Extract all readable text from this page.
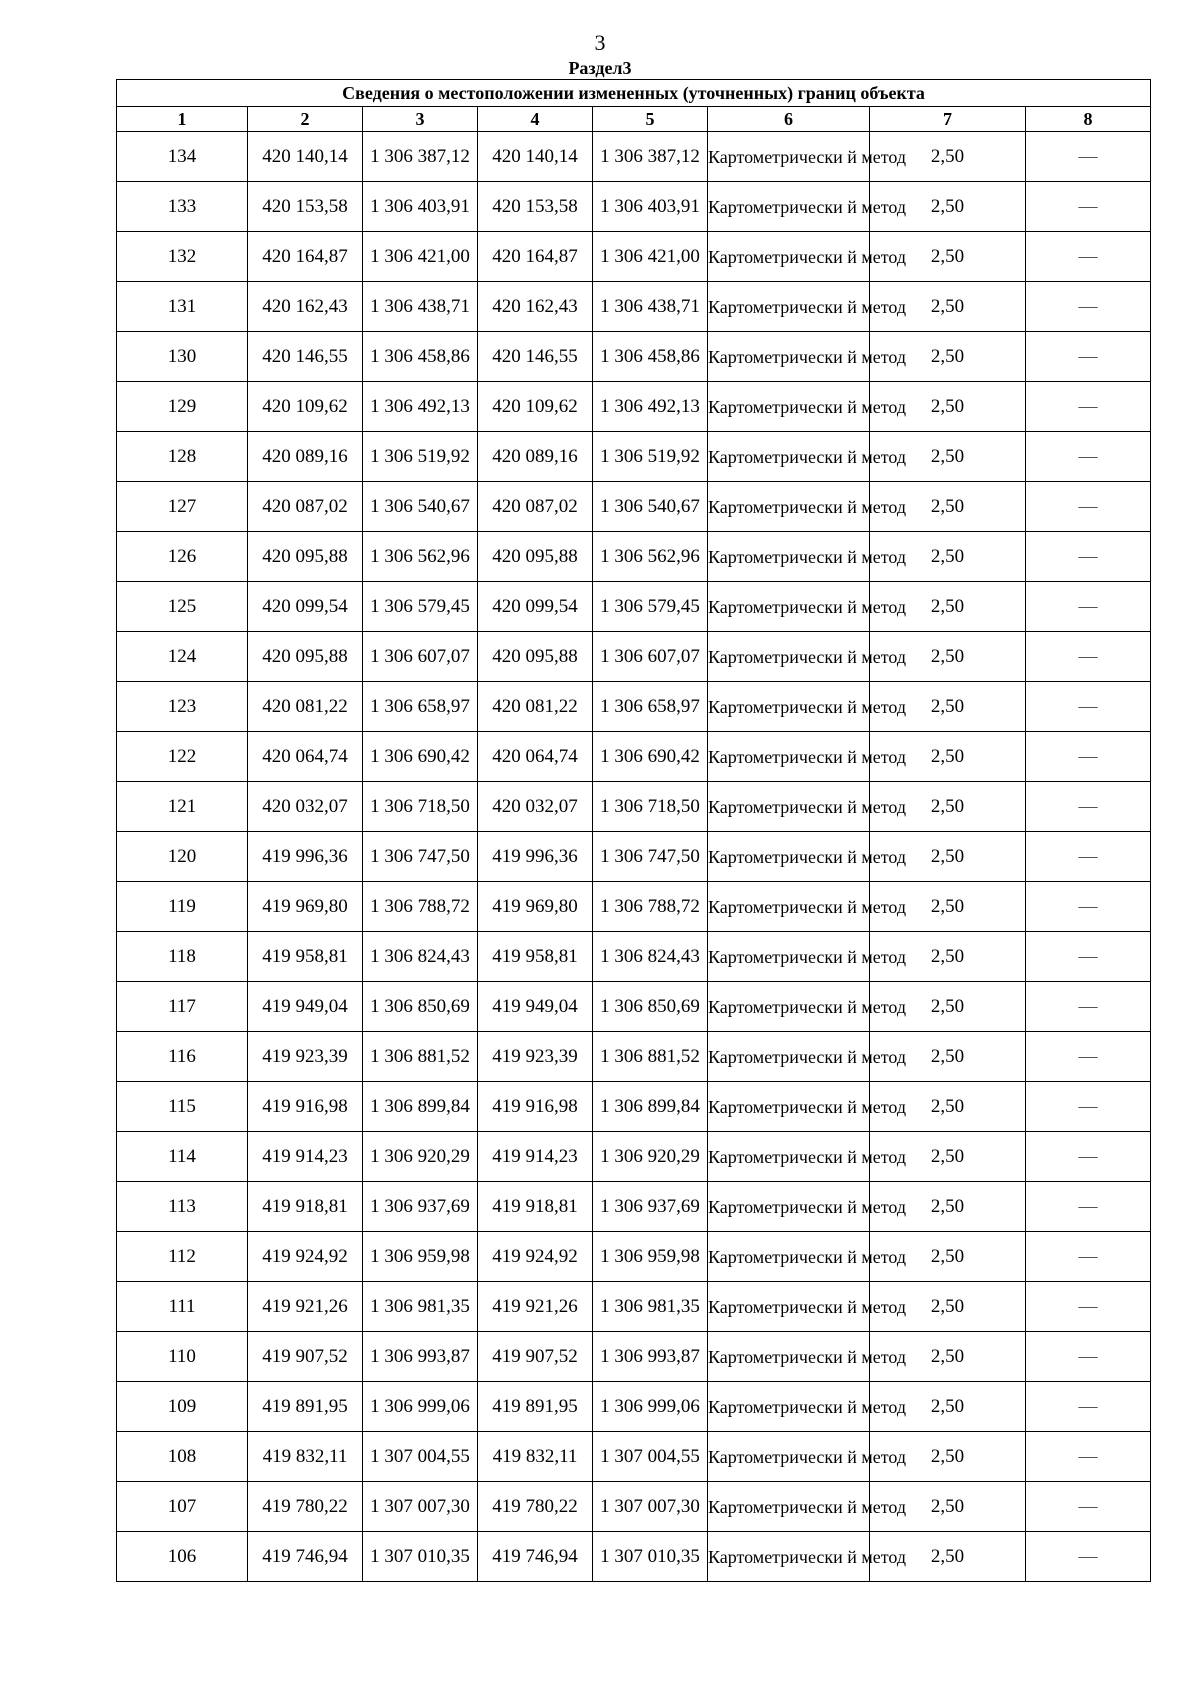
3
Раздел3
Сведения о местоположении измененных (уточненных) границ объекта							
1	2	3	4	5	6	7	8
134	420 140,14	1 306 387,12	420 140,14	1 306 387,12	Картометрически й метод	2,50	—
133	420 153,58	1 306 403,91	420 153,58	1 306 403,91	Картометрически й метод	2,50	—
132	420 164,87	1 306 421,00	420 164,87	1 306 421,00	Картометрически й метод	2,50	—
131	420 162,43	1 306 438,71	420 162,43	1 306 438,71	Картометрически й метод	2,50	—
130	420 146,55	1 306 458,86	420 146,55	1 306 458,86	Картометрически й метод	2,50	—
129	420 109,62	1 306 492,13	420 109,62	1 306 492,13	Картометрически й метод	2,50	—
128	420 089,16	1 306 519,92	420 089,16	1 306 519,92	Картометрически й метод	2,50	—
127	420 087,02	1 306 540,67	420 087,02	1 306 540,67	Картометрически й метод	2,50	—
126	420 095,88	1 306 562,96	420 095,88	1 306 562,96	Картометрически й метод	2,50	—
125	420 099,54	1 306 579,45	420 099,54	1 306 579,45	Картометрически й метод	2,50	—
124	420 095,88	1 306 607,07	420 095,88	1 306 607,07	Картометрически й метод	2,50	—
123	420 081,22	1 306 658,97	420 081,22	1 306 658,97	Картометрически й метод	2,50	—
122	420 064,74	1 306 690,42	420 064,74	1 306 690,42	Картометрически й метод	2,50	—
121	420 032,07	1 306 718,50	420 032,07	1 306 718,50	Картометрически й метод	2,50	—
120	419 996,36	1 306 747,50	419 996,36	1 306 747,50	Картометрически й метод	2,50	—
119	419 969,80	1 306 788,72	419 969,80	1 306 788,72	Картометрически й метод	2,50	—
118	419 958,81	1 306 824,43	419 958,81	1 306 824,43	Картометрически й метод	2,50	—
117	419 949,04	1 306 850,69	419 949,04	1 306 850,69	Картометрически й метод	2,50	—
116	419 923,39	1 306 881,52	419 923,39	1 306 881,52	Картометрически й метод	2,50	—
115	419 916,98	1 306 899,84	419 916,98	1 306 899,84	Картометрически й метод	2,50	—
114	419 914,23	1 306 920,29	419 914,23	1 306 920,29	Картометрически й метод	2,50	—
113	419 918,81	1 306 937,69	419 918,81	1 306 937,69	Картометрически й метод	2,50	—
112	419 924,92	1 306 959,98	419 924,92	1 306 959,98	Картометрически й метод	2,50	—
111	419 921,26	1 306 981,35	419 921,26	1 306 981,35	Картометрически й метод	2,50	—
110	419 907,52	1 306 993,87	419 907,52	1 306 993,87	Картометрически й метод	2,50	—
109	419 891,95	1 306 999,06	419 891,95	1 306 999,06	Картометрически й метод	2,50	—
108	419 832,11	1 307 004,55	419 832,11	1 307 004,55	Картометрически й метод	2,50	—
107	419 780,22	1 307 007,30	419 780,22	1 307 007,30	Картометрически й метод	2,50	—
106	419 746,94	1 307 010,35	419 746,94	1 307 010,35	Картометрически й метод	2,50	—
